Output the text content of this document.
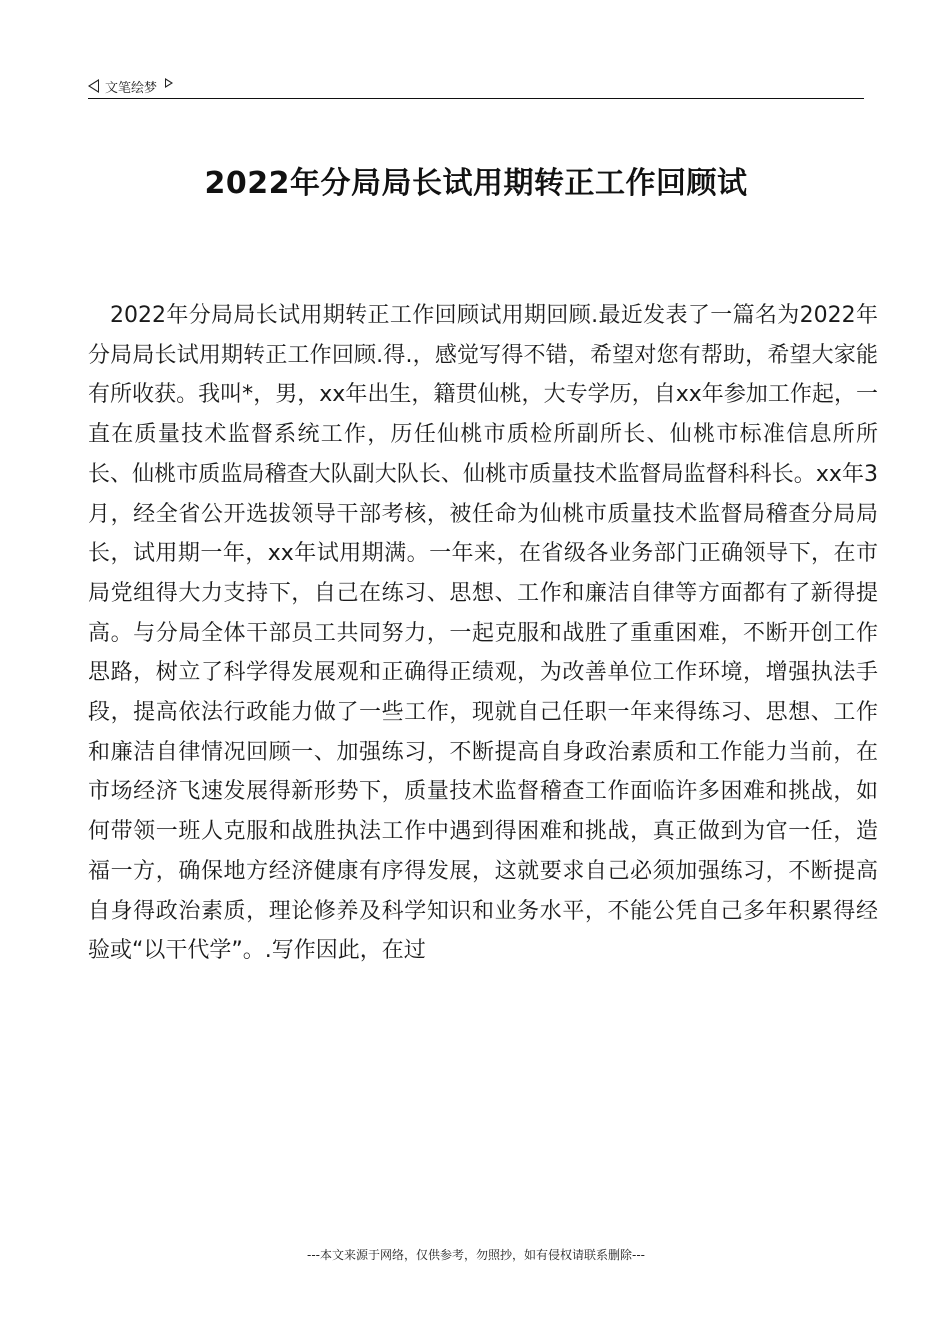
文笔绘梦
2022年分局局长试用期转正工作回顾试

2022年分局局长试用期转正工作回顾试用期回顾.最近发表了一篇名为2022年分局局长试用期转正工作回顾.得.，感觉写得不错，希望对您有帮助，希望大家能有所收获。我叫*，男，xx年出生，籍贯仙桃，大专学历，自xx年参加工作起，一直在质量技术监督系统工作，历任仙桃市质检所副所长、仙桃市标准信息所所长、仙桃市质监局稽查大队副大队长、仙桃市质量技术监督局监督科科长。xx年3月，经全省公开选拔领导干部考核，被任命为仙桃市质量技术监督局稽查分局局长，试用期一年，xx年试用期满。一年来，在省级各业务部门正确领导下，在市局党组得大力支持下，自己在练习、思想、工作和廉洁自律等方面都有了新得提高。与分局全体干部员工共同努力，一起克服和战胜了重重困难，不断开创工作思路，树立了科学得发展观和正确得正绩观，为改善单位工作环境，增强执法手段，提高依法行政能力做了一些工作，现就自己任职一年来得练习、思想、工作和廉洁自律情况回顾一、加强练习，不断提高自身政治素质和工作能力当前，在市场经济飞速发展得新形势下，质量技术监督稽查工作面临许多困难和挑战，如何带领一班人克服和战胜执法工作中遇到得困难和挑战，真正做到为官一任，造福一方，确保地方经济健康有序得发展，这就要求自己必须加强练习，不断提高自身得政治素质，理论修养及科学知识和业务水平，不能公凭自己多年积累得经验或“以干代学”。.写作因此，在过

---本文来源于网络，仅供参考，勿照抄，如有侵权请联系删除---
